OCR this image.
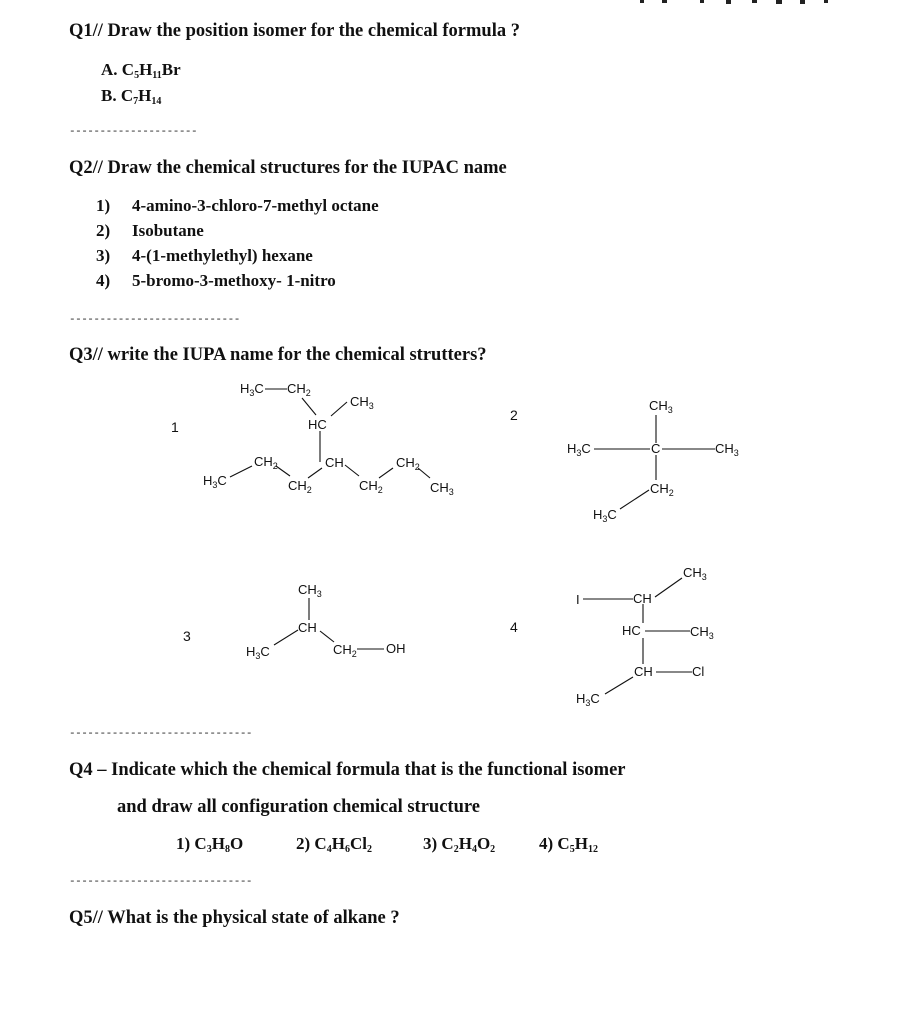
Q1// Draw the position isomer for the chemical formula ?
A. $C_5H_{11}Br$
B. $C_7H_{14}$
---------------------
Q2// Draw the chemical structures for the IUPAC name
1) 4-amino-3-chloro-7-methyl octane
2) Isobutane
3) 4-(1-methylethyl) hexane
4) 5-bromo-3-methoxy- 1-nitro
----------------------------
Q3// write the IUPA name for the chemical strutters?
1
$H_3C$ $CH_2$
$CH_3$
HC
$H_3C$
$CH_2$
$CH_2$
CH
$CH_2$
$CH_2$
$CH_3$
2
$CH_3$
$H_3C$	C	$CH_3$
$CH_2$
$H_3C$
3
$CH_3$
CH
$H_3C$	$CH_2$ OH
4
I	CH
$CH_3$
HC	$CH_3$
CH	Cl
$H_3C$
------------------------------
Q4 – Indicate which the chemical formula that is the functional isomer
and draw all configuration chemical structure
1) $C_3H_8O$	2) $C_4H_6Cl_2$	3) $C_2H_4O_2$	4) $C_5H_{12}$
------------------------------
Q5// What is the physical state of alkane ?
